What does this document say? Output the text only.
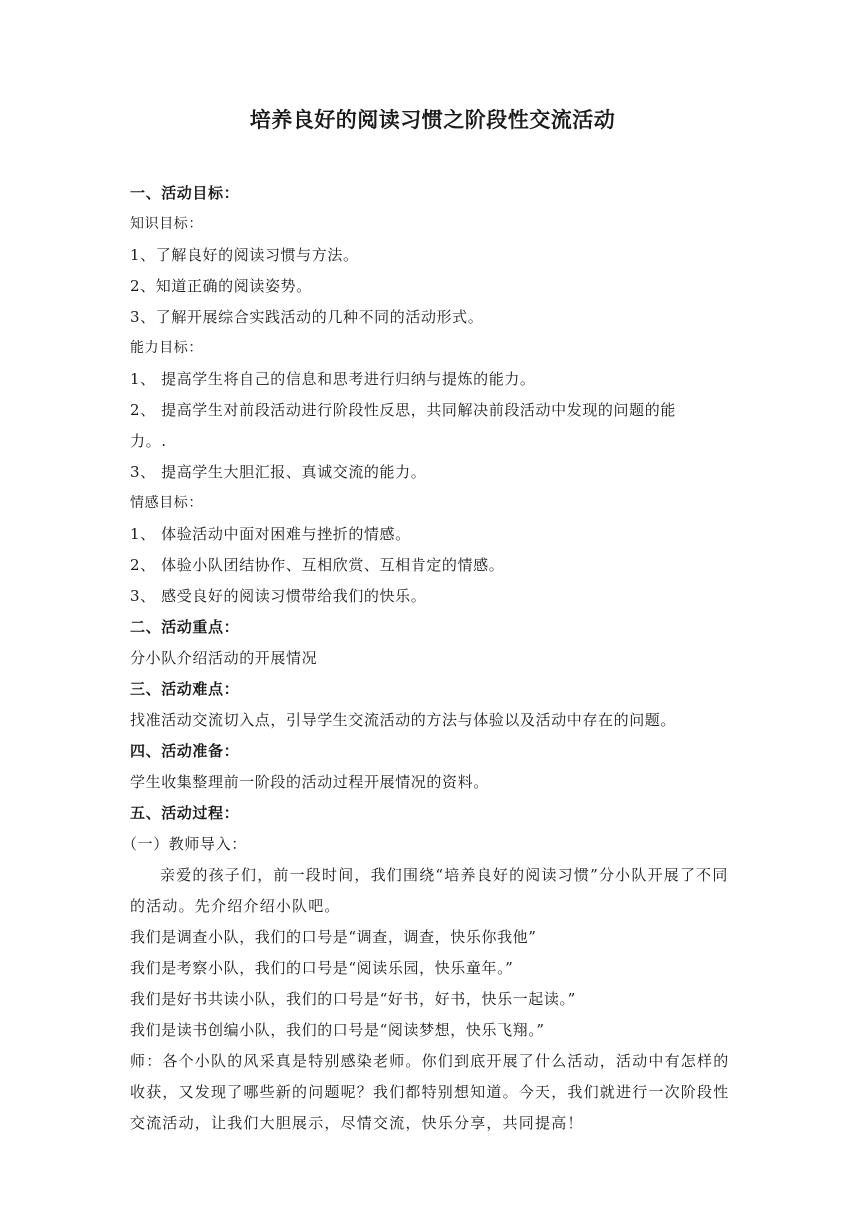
培养良好的阅读习惯之阶段性交流活动
一、活动目标：
知识目标：
1、了解良好的阅读习惯与方法。
2、知道正确的阅读姿势。
3、了解开展综合实践活动的几种不同的活动形式。
能力目标：
1、 提高学生将自己的信息和思考进行归纳与提炼的能力。
2、 提高学生对前段活动进行阶段性反思，共同解决前段活动中发现的问题的能
力。.
3、 提高学生大胆汇报、真诚交流的能力。
情感目标：
1、 体验活动中面对困难与挫折的情感。
2、 体验小队团结协作、互相欣赏、互相肯定的情感。
3、 感受良好的阅读习惯带给我们的快乐。
二、活动重点：
分小队介绍活动的开展情况
三、活动难点：
找准活动交流切入点，引导学生交流活动的方法与体验以及活动中存在的问题。
四、活动准备：
学生收集整理前一阶段的活动过程开展情况的资料。
五、活动过程：
（一）教师导入：
亲爱的孩子们，前一段时间，我们围绕“培养良好的阅读习惯”分小队开展了不同的活动。先介绍介绍小队吧。
我们是调查小队，我们的口号是“调查，调查，快乐你我他”
我们是考察小队，我们的口号是“阅读乐园，快乐童年。”
我们是好书共读小队，我们的口号是“好书，好书，快乐一起读。”
我们是读书创编小队，我们的口号是“阅读梦想，快乐飞翔。”
师：各个小队的风采真是特别感染老师。你们到底开展了什么活动，活动中有怎样的收获，又发现了哪些新的问题呢？我们都特别想知道。今天，我们就进行一次阶段性交流活动，让我们大胆展示，尽情交流，快乐分享，共同提高！
